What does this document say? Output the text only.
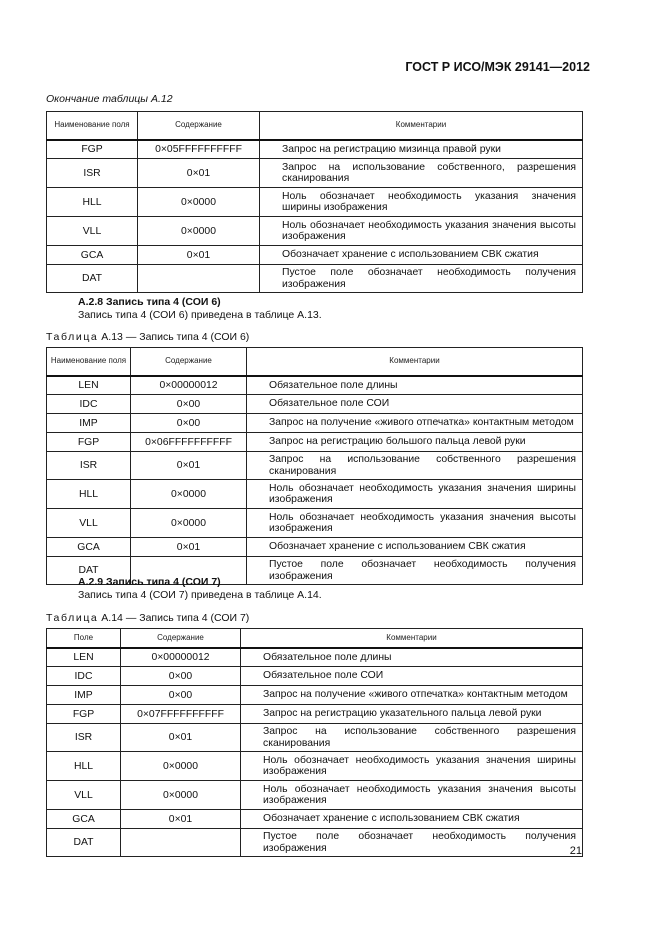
ГОСТ Р ИСО/МЭК 29141—2012
Окончание таблицы А.12
Наименование поля	Содержание	Комментарии
FGP	0×05FFFFFFFFFF	Запрос на регистрацию мизинца правой руки
ISR	0×01	Запрос на использование собственного, разрешения сканирования
HLL	0×0000	Ноль обозначает необходимость указания значения ширины изображения
VLL	0×0000	Ноль обозначает необходимость указания значения высоты изображения
GCA	0×01	Обозначает хранение с использованием СВК сжатия
DAT		Пустое поле обозначает необходимость получения изображения
А.2.8 Запись типа 4 (СОИ 6)
Запись типа 4 (СОИ 6) приведена в таблице А.13.
Таблица А.13 — Запись типа 4 (СОИ 6)
Наименование поля	Содержание	Комментарии
LEN	0×00000012	Обязательное поле длины
IDC	0×00	Обязательное поле СОИ
IMP	0×00	Запрос на получение «живого отпечатка» контактным методом
FGP	0×06FFFFFFFFFF	Запрос на регистрацию большого пальца левой руки
ISR	0×01	Запрос на использование собственного разрешения сканирования
HLL	0×0000	Ноль обозначает необходимость указания значения ширины изображения
VLL	0×0000	Ноль обозначает необходимость указания значения высоты изображения
GCA	0×01	Обозначает хранение с использованием СВК сжатия
DAT		Пустое поле обозначает необходимость получения изображения
А.2.9 Запись типа 4 (СОИ 7)
Запись типа 4 (СОИ 7) приведена в таблице А.14.
Таблица А.14 — Запись типа 4 (СОИ 7)
Поле	Содержание	Комментарии
LEN	0×00000012	Обязательное поле длины
IDC	0×00	Обязательное поле СОИ
IMP	0×00	Запрос на получение «живого отпечатка» контактным методом
FGP	0×07FFFFFFFFFF	Запрос на регистрацию указательного пальца левой руки
ISR	0×01	Запрос на использование собственного разрешения сканирования
HLL	0×0000	Ноль обозначает необходимость указания значения ширины изображения
VLL	0×0000	Ноль обозначает необходимость указания значения высоты изображения
GCA	0×01	Обозначает хранение с использованием СВК сжатия
DAT		Пустое поле обозначает необходимость получения изображения	21
